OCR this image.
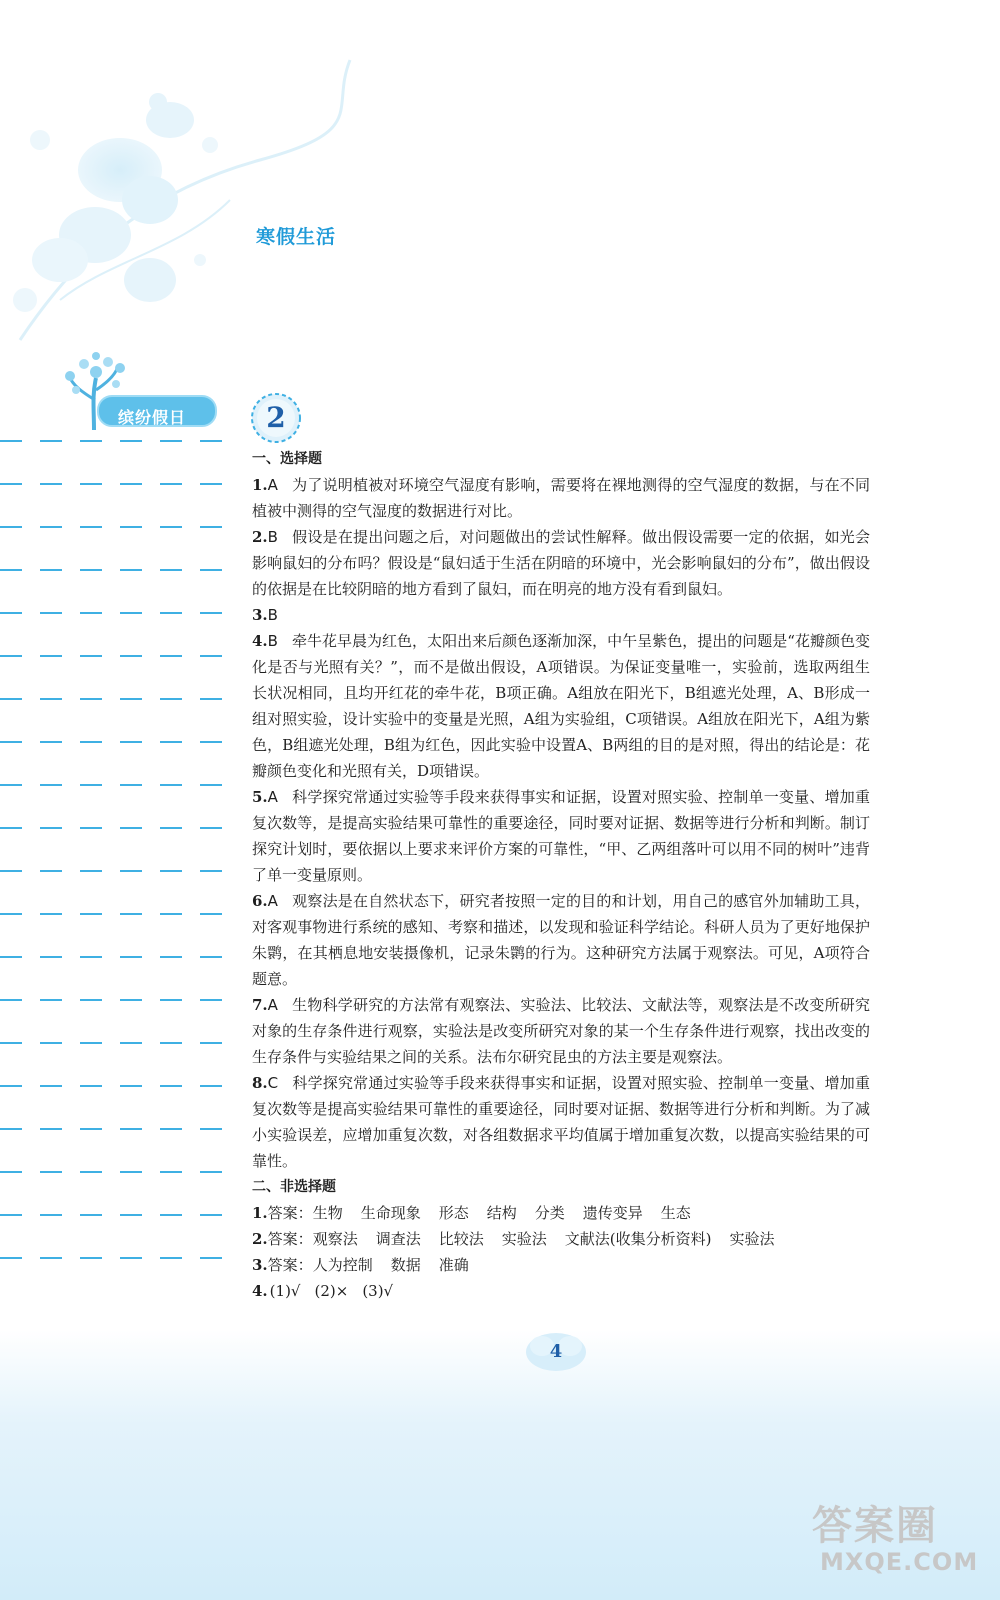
寒假生活
缤纷假日	2

一、选择题

1.A 为了说明植被对环境空气湿度有影响，需要将在裸地测得的空气湿度的数据，与在不同植被中测得的空气湿度的数据进行对比。

2.B 假设是在提出问题之后，对问题做出的尝试性解释。做出假设需要一定的依据，如光会影响鼠妇的分布吗？假设是“鼠妇适于生活在阴暗的环境中，光会影响鼠妇的分布”，做出假设的依据是在比较阴暗的地方看到了鼠妇，而在明亮的地方没有看到鼠妇。

3.B

4.B 牵牛花早晨为红色，太阳出来后颜色逐渐加深，中午呈紫色，提出的问题是“花瓣颜色变化是否与光照有关？”，而不是做出假设，A项错误。为保证变量唯一，实验前，选取两组生长状况相同，且均开红花的牵牛花，B项正确。A组放在阳光下，B组遮光处理，A、B形成一组对照实验，设计实验中的变量是光照，A组为实验组，C项错误。A组放在阳光下，A组为紫色，B组遮光处理，B组为红色，因此实验中设置A、B两组的目的是对照，得出的结论是：花瓣颜色变化和光照有关，D项错误。

5.A 科学探究常通过实验等手段来获得事实和证据，设置对照实验、控制单一变量、增加重复次数等，是提高实验结果可靠性的重要途径，同时要对证据、数据等进行分析和判断。制订探究计划时，要依据以上要求来评价方案的可靠性，“甲、乙两组落叶可以用不同的树叶”违背了单一变量原则。

6.A 观察法是在自然状态下，研究者按照一定的目的和计划，用自己的感官外加辅助工具，对客观事物进行系统的感知、考察和描述，以发现和验证科学结论。科研人员为了更好地保护朱鹮，在其栖息地安装摄像机，记录朱鹮的行为。这种研究方法属于观察法。可见，A项符合题意。

7.A 生物科学研究的方法常有观察法、实验法、比较法、文献法等，观察法是不改变所研究对象的生存条件进行观察，实验法是改变所研究对象的某一个生存条件进行观察，找出改变的生存条件与实验结果之间的关系。法布尔研究昆虫的方法主要是观察法。

8.C 科学探究常通过实验等手段来获得事实和证据，设置对照实验、控制单一变量、增加重复次数等是提高实验结果可靠性的重要途径，同时要对证据、数据等进行分析和判断。为了减小实验误差，应增加重复次数，对各组数据求平均值属于增加重复次数，以提高实验结果的可靠性。

二、非选择题

1.答案：生物 生命现象 形态 结构 分类 遗传变异 生态

2.答案：观察法 调查法 比较法 实验法 文献法(收集分析资料) 实验法

3.答案：人为控制 数据 准确

4. (1)√ (2)× (3)√

4
答案圈
MXQE.COM
